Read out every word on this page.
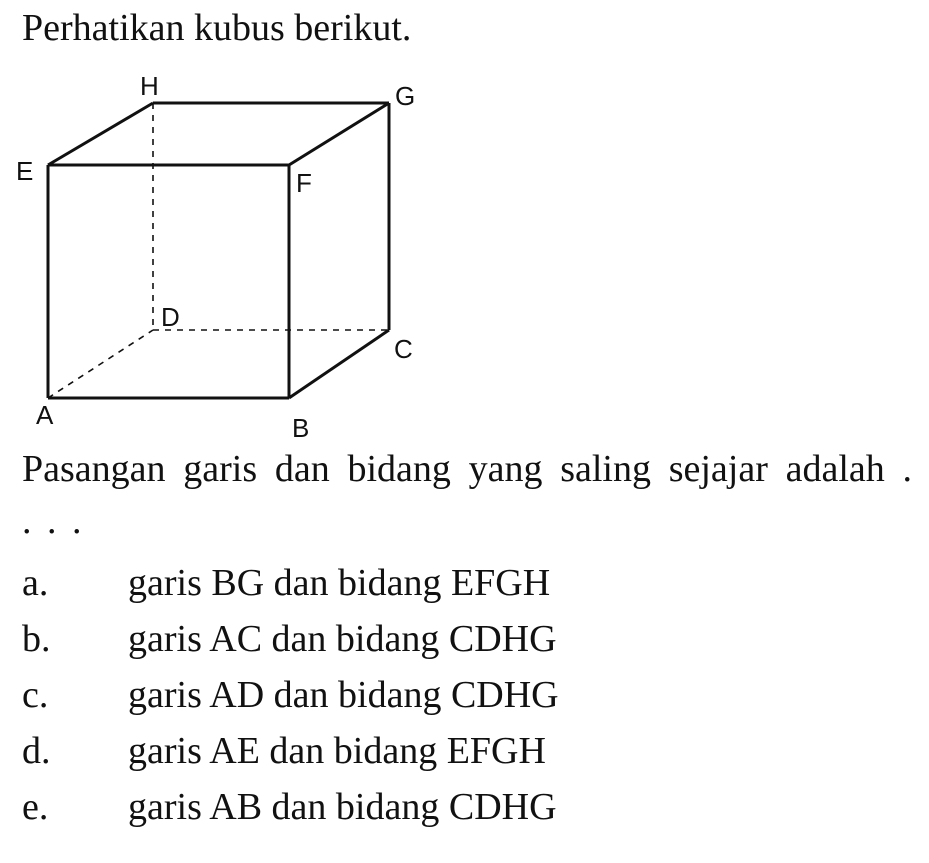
Perhatikan kubus berikut.
H	G
E	F
D
C
A	B
Pasangan garis dan bidang yang saling sejajar adalah . . . .
a.	garis BG dan bidang EFGH
b.	garis AC dan bidang CDHG
c.	garis AD dan bidang CDHG
d.	garis AE dan bidang EFGH
e.	garis AB dan bidang CDHG
